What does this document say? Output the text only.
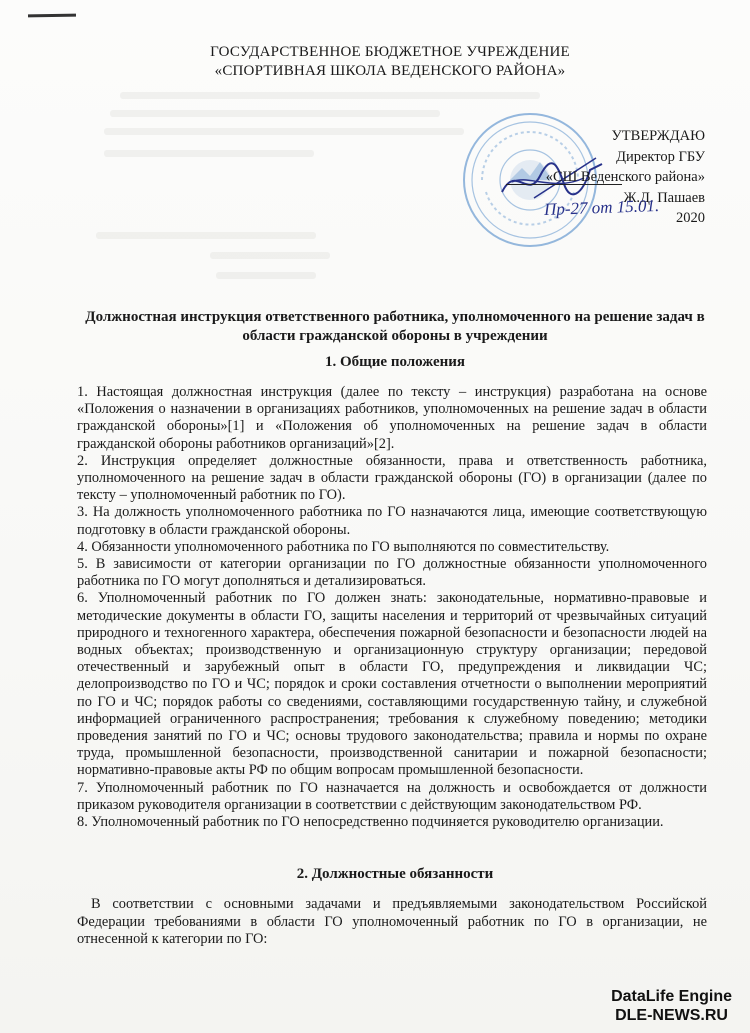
ГОСУДАРСТВЕННОЕ БЮДЖЕТНОЕ УЧРЕЖДЕНИЕ
«СПОРТИВНАЯ ШКОЛА ВЕДЕНСКОГО РАЙОНА»
УТВЕРЖДАЮ
Директор ГБУ
«СШ Веденского района»
Ж.Д. Пашаев
2020
Пр-27 от 15.01.
Должностная инструкция ответственного работника, уполномоченного на решение задач в
области гражданской обороны в учреждении
1. Общие положения

1. Настоящая должностная инструкция (далее по тексту – инструкция) разработана на основе «Положения о назначении в организациях работников, уполномоченных на решение задач в области гражданской обороны»[1] и «Положения об уполномоченных на решение задач в области гражданской обороны работников организаций»[2].

2. Инструкция определяет должностные обязанности, права и ответственность работника, уполномоченного на решение задач в области гражданской обороны (ГО) в организации (далее по тексту – уполномоченный работник по ГО).

3. На должность уполномоченного работника по ГО назначаются лица, имеющие соответствующую подготовку в области гражданской обороны.

4. Обязанности уполномоченного работника по ГО выполняются по совместительству.

5. В зависимости от категории организации по ГО должностные обязанности уполномоченного работника по ГО могут дополняться и детализироваться.

6. Уполномоченный работник по ГО должен знать: законодательные, нормативно-правовые и методические документы в области ГО, защиты населения и территорий от чрезвычайных ситуаций природного и техногенного характера, обеспечения пожарной безопасности и безопасности людей на водных объектах; производственную и организационную структуру организации; передовой отечественный и зарубежный опыт в области ГО, предупреждения и ликвидации ЧС; делопроизводство по ГО и ЧС; порядок и сроки составления отчетности о выполнении мероприятий по ГО и ЧС; порядок работы со сведениями, составляющими государственную тайну, и служебной информацией ограниченного распространения; требования к служебному поведению; методики проведения занятий по ГО и ЧС; основы трудового законодательства; правила и нормы по охране труда, промышленной безопасности, производственной санитарии и пожарной безопасности; нормативно-правовые акты РФ по общим вопросам промышленной безопасности.

7. Уполномоченный работник по ГО назначается на должность и освобождается от должности приказом руководителя организации в соответствии с действующим законодательством РФ.

8. Уполномоченный работник по ГО непосредственно подчиняется руководителю организации.

2. Должностные обязанности

В соответствии с основными задачами и предъявляемыми законодательством Российской Федерации требованиями в области ГО уполномоченный работник по ГО в организации, не отнесенной к категории по ГО:

DataLife Engine
DLE-NEWS.RU
